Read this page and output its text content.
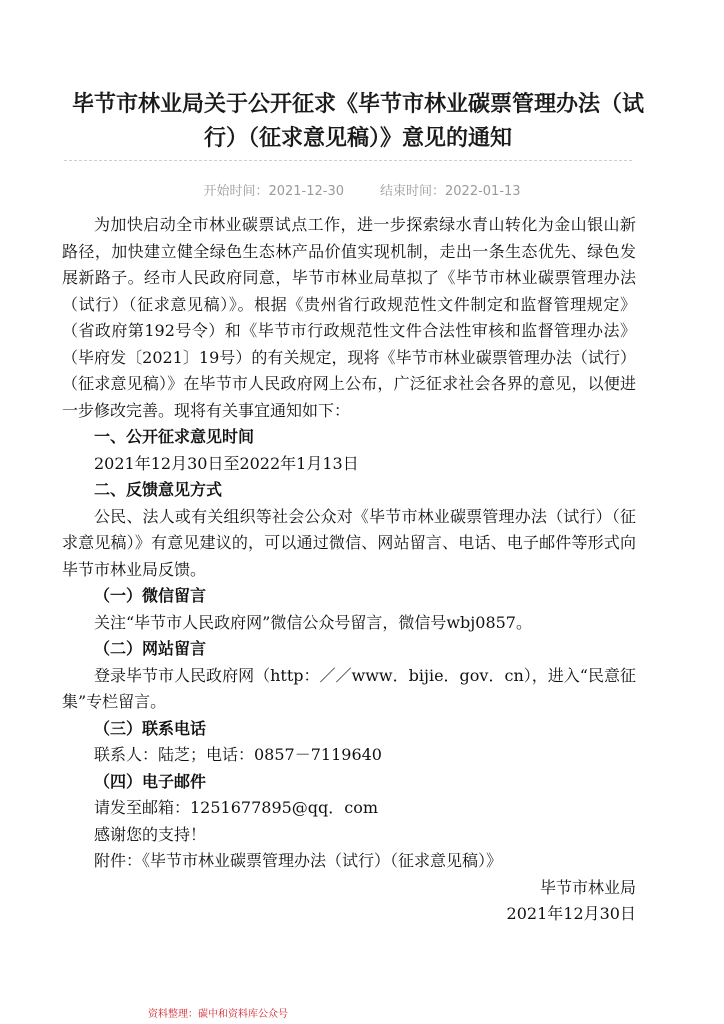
毕节市林业局关于公开征求《毕节市林业碳票管理办法（试行）（征求意见稿）》意见的通知
开始时间：2021-12-30	结束时间：2022-01-13

为加快启动全市林业碳票试点工作，进一步探索绿水青山转化为金山银山新路径，加快建立健全绿色生态林产品价值实现机制，走出一条生态优先、绿色发展新路子。经市人民政府同意，毕节市林业局草拟了《毕节市林业碳票管理办法（试行）（征求意见稿）》。根据《贵州省行政规范性文件制定和监督管理规定》（省政府第192号令）和《毕节市行政规范性文件合法性审核和监督管理办法》（毕府发〔2021〕19号）的有关规定，现将《毕节市林业碳票管理办法（试行）（征求意见稿）》在毕节市人民政府网上公布，广泛征求社会各界的意见，以便进一步修改完善。现将有关事宜通知如下：

一、公开征求意见时间

2021年12月30日至2022年1月13日

二、反馈意见方式

公民、法人或有关组织等社会公众对《毕节市林业碳票管理办法（试行）（征求意见稿）》有意见建议的，可以通过微信、网站留言、电话、电子邮件等形式向毕节市林业局反馈。

（一）微信留言

关注“毕节市人民政府网”微信公众号留言，微信号wbj0857。

（二）网站留言

登录毕节市人民政府网（http：／／www．bijie．gov．cn），进入“民意征集”专栏留言。

（三）联系电话

联系人：陆芝；电话：0857－7119640

（四）电子邮件

请发至邮箱：1251677895@qq．com

感谢您的支持！

附件：《毕节市林业碳票管理办法（试行）（征求意见稿）》

毕节市林业局

2021年12月30日

资料整理：碳中和资料库公众号
